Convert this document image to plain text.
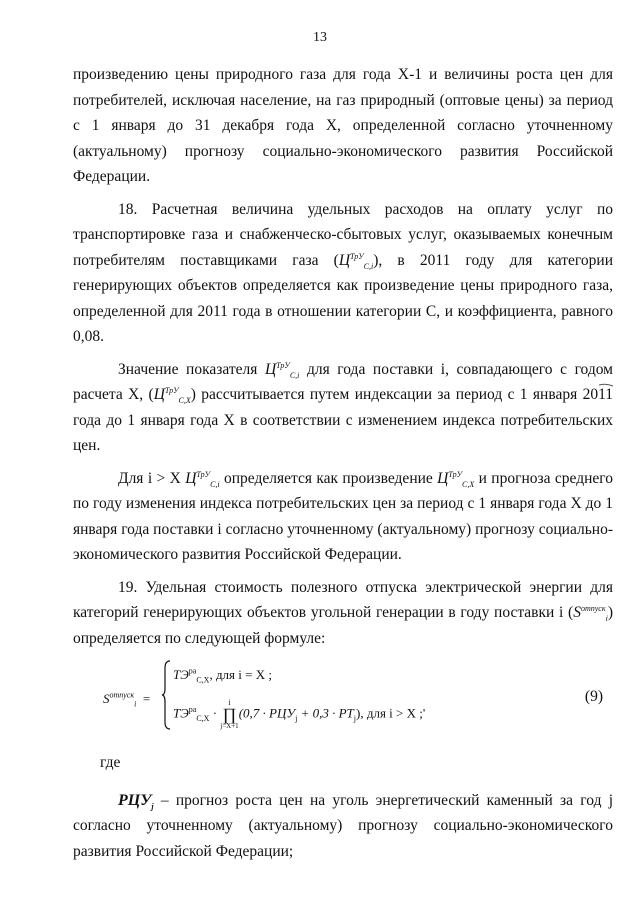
13

произведению цены природного газа для года X-1 и величины роста цен для потребителей, исключая население, на газ природный (оптовые цены) за период с 1 января до 31 декабря года X, определенной согласно уточненному (актуальному) прогнозу социально-экономического развития Российской Федерации.

18. Расчетная величина удельных расходов на оплату услуг по транспортировке газа и снабженческо-сбытовых услуг, оказываемых конечным потребителям поставщиками газа $(Ц^{ТрУ}_{С,i})$, в 2011 году для категории генерирующих объектов определяется как произведение цены природного газа, определенной для 2011 года в отношении категории С, и коэффициента, равного 0,08.

Значение показателя $Ц^{ТрУ}_{С,i}$ для года поставки i, совпадающего с годом расчета X, $(Ц^{ТрУ}_{С,X})$ рассчитывается путем индексации за период с 1 января 2011 года до 1 января года X в соответствии с изменением индекса потребительских цен.

Для i > X $Ц^{ТрУ}_{С,i}$ определяется как произведение $Ц^{ТрУ}_{С,X}$ и прогноза среднего по году изменения индекса потребительских цен за период с 1 января года X до 1 января года поставки i согласно уточненному (актуальному) прогнозу социально-экономического развития Российской Федерации.

19. Удельная стоимость полезного отпуска электрической энергии для категорий генерирующих объектов угольной генерации в году поставки i $(S^{отпуск}_i)$ определяется по следующей формуле:

$S^{отпуск}_i$ =
$ТЭ^{ра}_{С,X}$, для i = X ;
$ТЭ^{ра}_{С,X}$ ·
i
∏
j=X+1
$(0,7 \cdot РЦУ_j + 0,3 \cdot РТ_j)$, для i > X ;'
(9)
где

$РЦУ_j$ – прогноз роста цен на уголь энергетический каменный за год j согласно уточненному (актуальному) прогнозу социально-экономического развития Российской Федерации;
